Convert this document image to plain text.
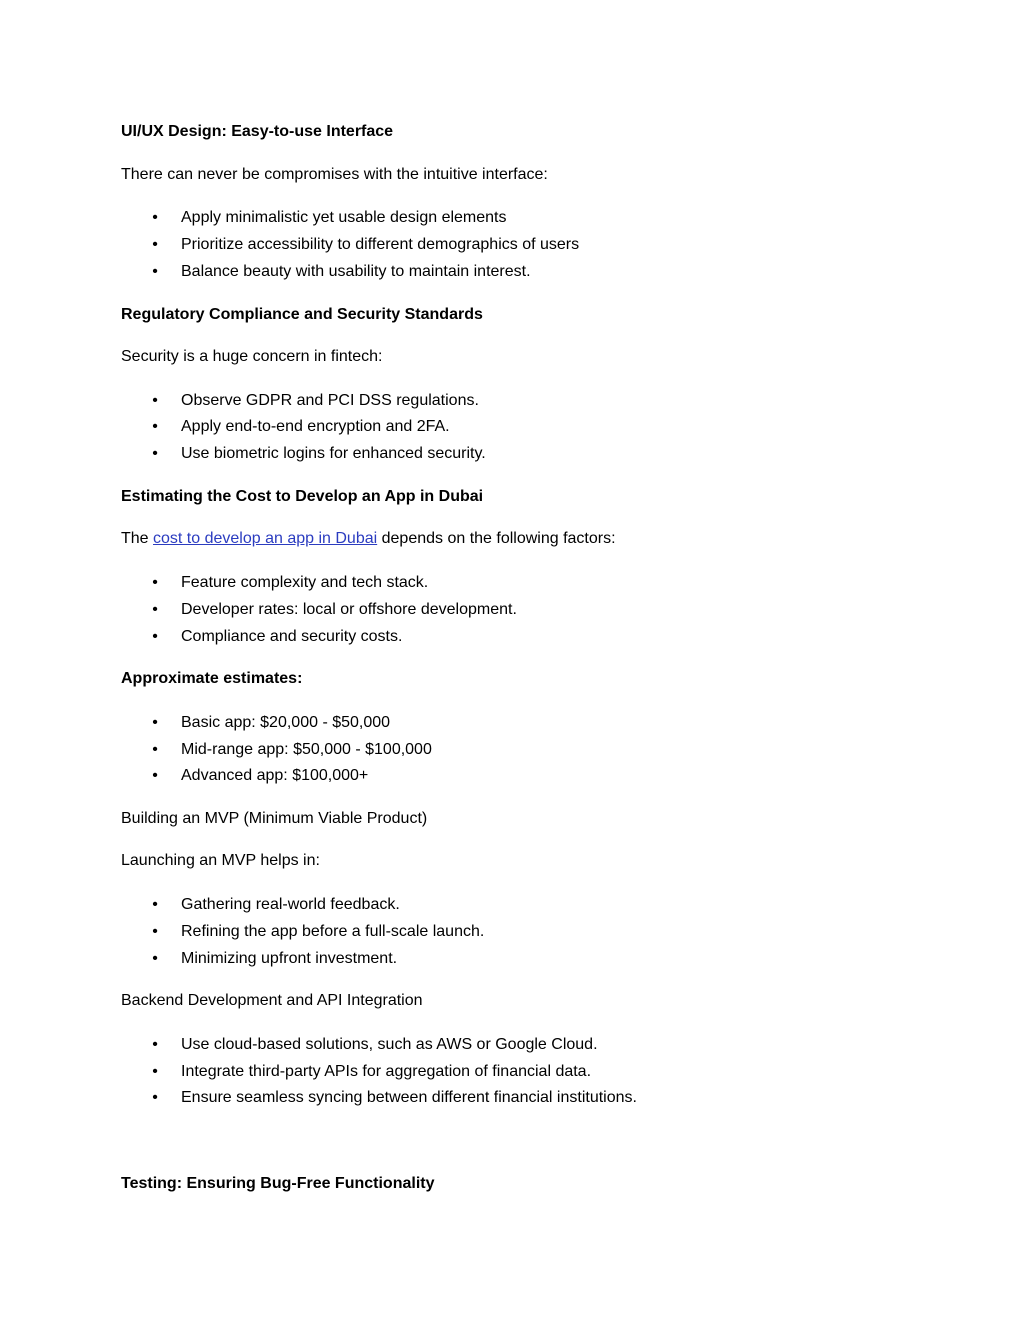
UI/UX Design: Easy-to-use Interface
There can never be compromises with the intuitive interface:
• Apply minimalistic yet usable design elements
• Prioritize accessibility to different demographics of users
• Balance beauty with usability to maintain interest.
Regulatory Compliance and Security Standards
Security is a huge concern in fintech:
• Observe GDPR and PCI DSS regulations.
• Apply end-to-end encryption and 2FA.
• Use biometric logins for enhanced security.
Estimating the Cost to Develop an App in Dubai
The cost to develop an app in Dubai depends on the following factors:
• Feature complexity and tech stack.
• Developer rates: local or offshore development.
• Compliance and security costs.
Approximate estimates:
• Basic app: $20,000 - $50,000
• Mid-range app: $50,000 - $100,000
• Advanced app: $100,000+
Building an MVP (Minimum Viable Product)
Launching an MVP helps in:
• Gathering real-world feedback.
• Refining the app before a full-scale launch.
• Minimizing upfront investment.
Backend Development and API Integration
• Use cloud-based solutions, such as AWS or Google Cloud.
• Integrate third-party APIs for aggregation of financial data.
• Ensure seamless syncing between different financial institutions.
Testing: Ensuring Bug-Free Functionality
